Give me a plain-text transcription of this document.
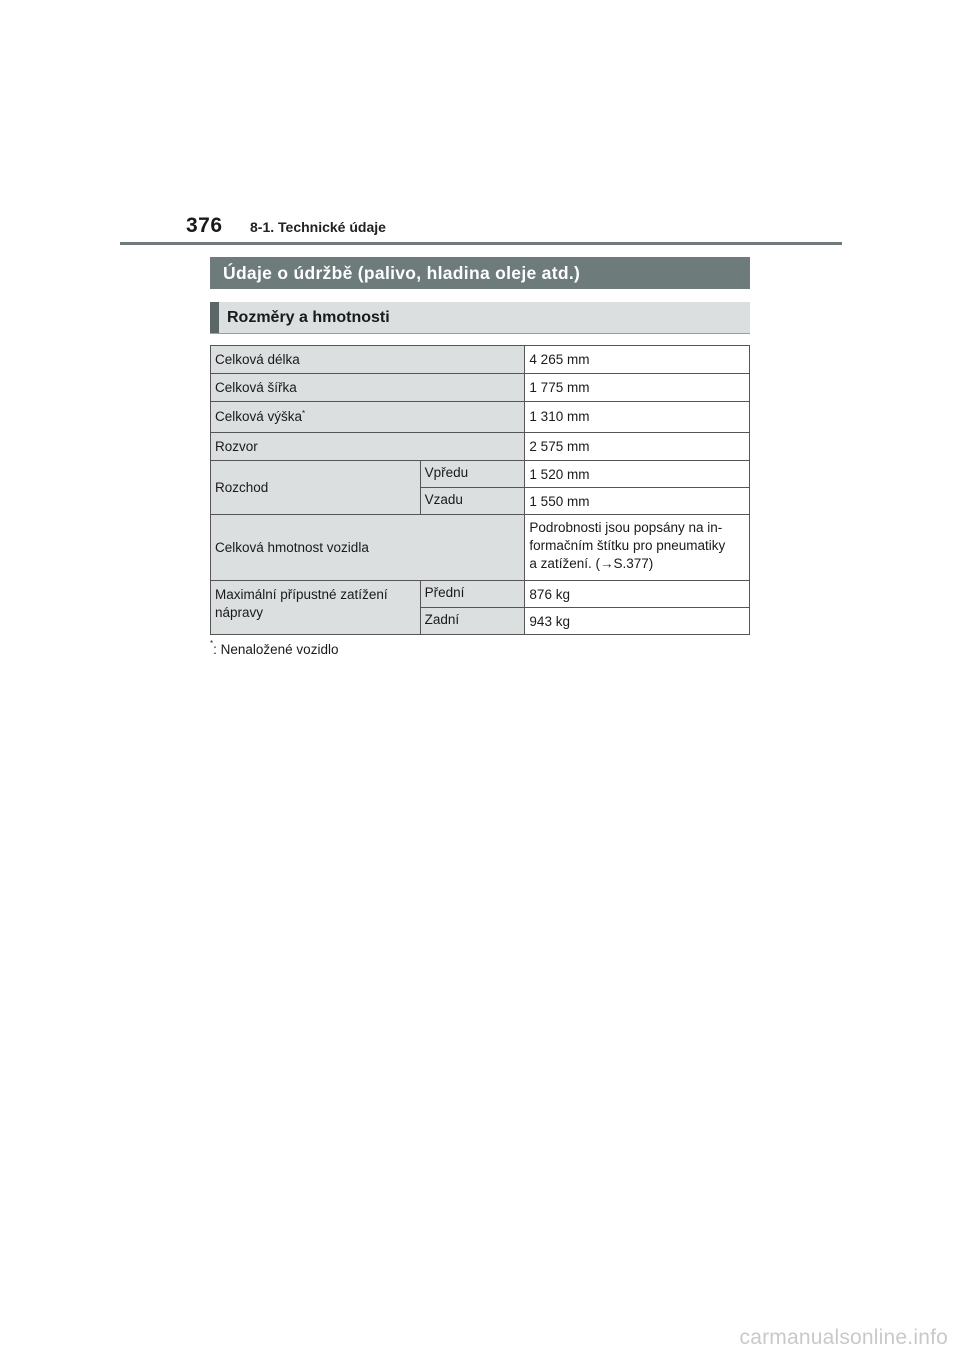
376 8-1. Technické údaje
Údaje o údržbě (palivo, hladina oleje atd.)
Rozměry a hmotnosti
Celková délka		4 265 mm
Celková šířka		1 775 mm
Celková výška*		1 310 mm
Rozvor		2 575 mm
Rozchod	Vpředu	1 520 mm
	Vzadu	1 550 mm
Celková hmotnost vozidla		Podrobnosti jsou popsány na in-
formačním štítku pro pneumatiky
a zatížení. (→S.377)

Maximální přípustné zatížení
nápravy	Přední	876 kg
	Zadní	943 kg
*: Nenaložené vozidlo
carmanualsonline.info
